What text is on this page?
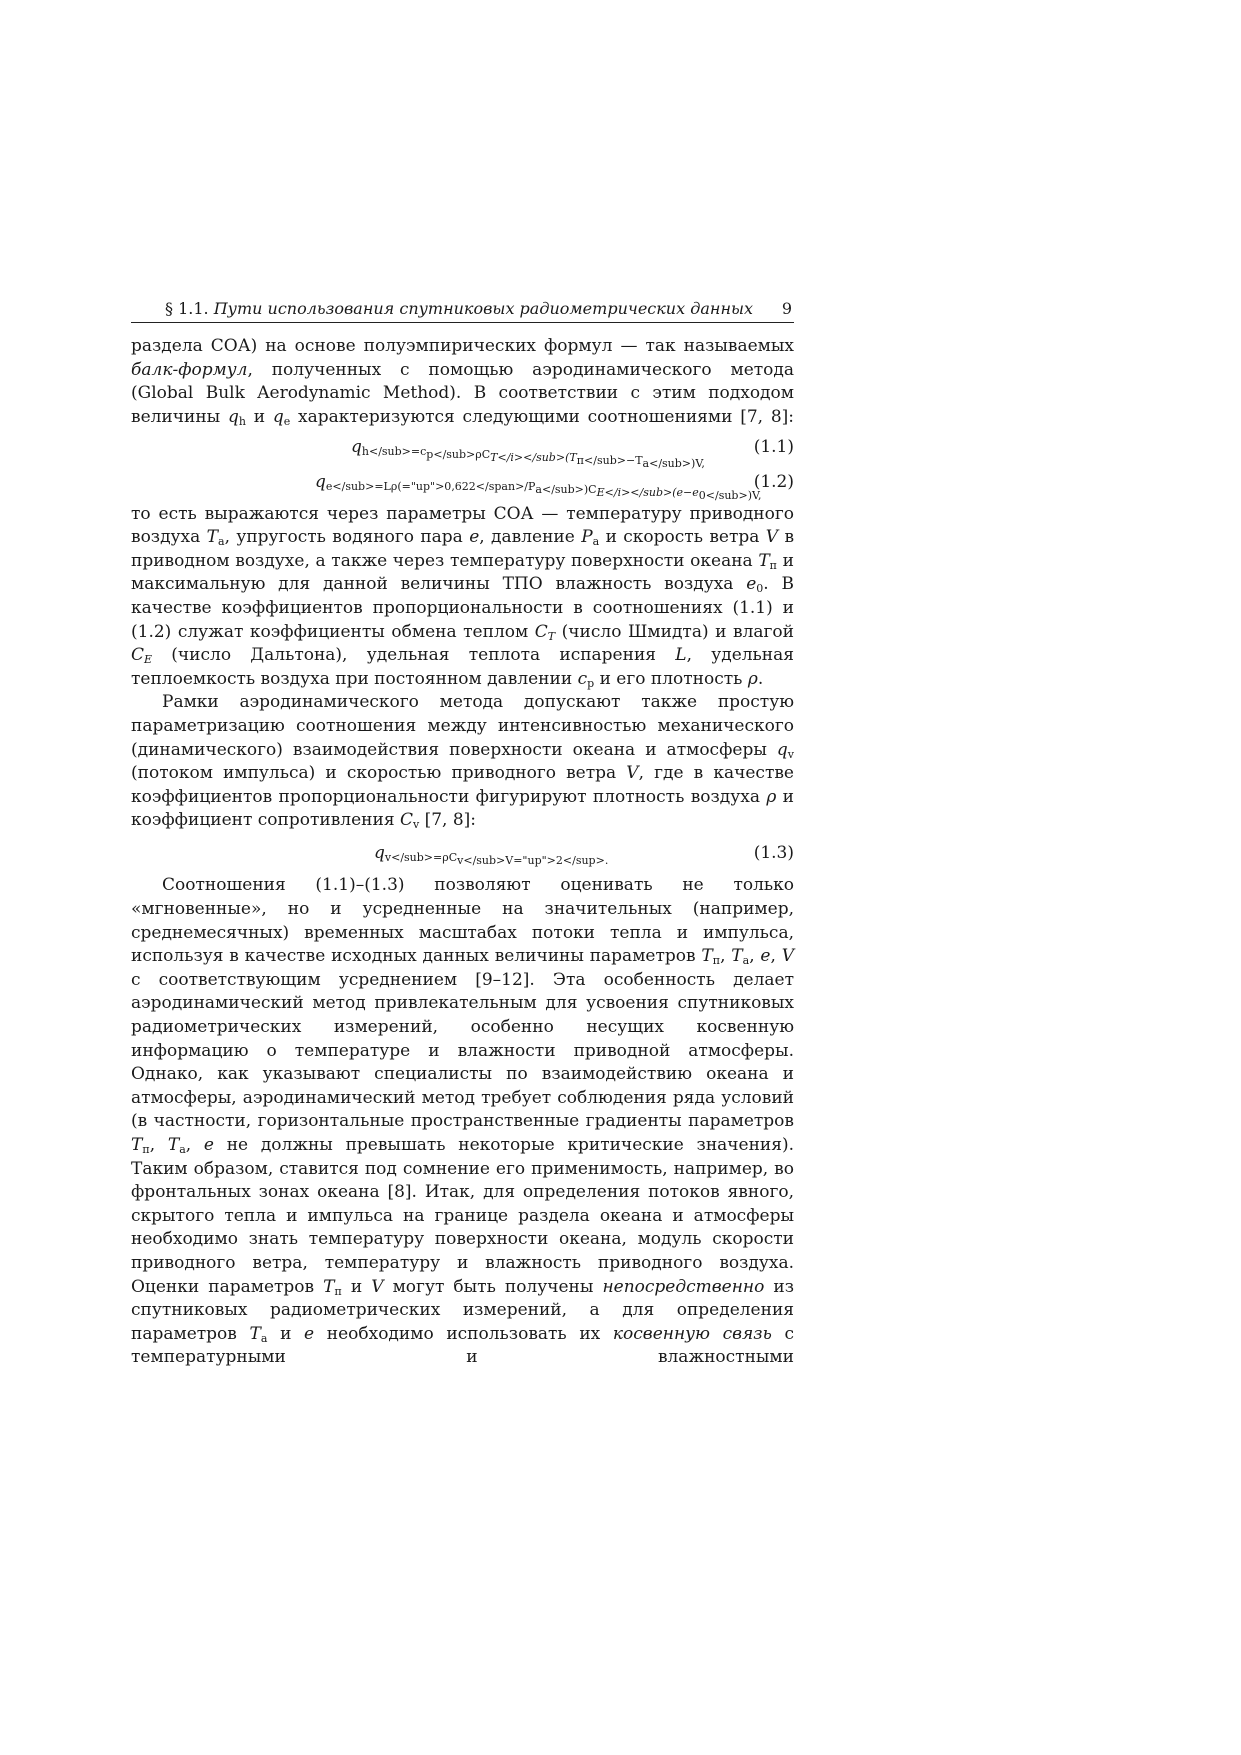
§ 1.1. Пути использования спутниковых радиометрических данных 9

раздела СОА) на основе полуэмпирических формул — так называемых балк-формул, полученных с помощью аэродинамического метода (Global Bulk Aerodynamic Method). В соответствии с этим подходом величины $q_h$ и $q_e$ характеризуются следующими соотношениями [7, 8]:

$q_{h</sub>=c_{p</sub>\rho C_{T</i></sub>(T_{п</sub>-T_{a</sub>)V,}}}}}$
(1.1)
$q_{e</sub>=L\rho(="up">0,622</span>/P_{a</sub>)C_{E</i></sub>(e-e_{0</sub>)V,}}}}$
(1.2)

то есть выражаются через параметры СОА — температуру приводного воздуха $T_a$, упругость водяного пара e, давление $P_a$ и скорость ветра V в приводном воздухе, а также через температуру поверхности океана $T_п$ и максимальную для данной величины ТПО влажность воздуха $e_0$. В качестве коэффициентов пропорциональности в соотношениях (1.1) и (1.2) служат коэффициенты обмена теплом $C_T$ (число Шмидта) и влагой $C_E$ (число Дальтона), удельная теплота испарения L, удельная теплоемкость воздуха при постоянном давлении $c_p$ и его плотность ρ.

Рамки аэродинамического метода допускают также простую параметризацию соотношения между интенсивностью механического (динамического) взаимодействия поверхности океана и атмосферы $q_v$ (потоком импульса) и скоростью приводного ветра V, где в качестве коэффициентов пропорциональности фигурируют плотность воздуха ρ и коэффициент сопротивления $C_v$ [7, 8]:

$q_{v</sub>=\rho C_{v</sub>V="up">2</sup>.}}$	(1.3)

Соотношения (1.1)–(1.3) позволяют оценивать не только «мгновенные», но и усредненные на значительных (например, среднемесячных) временных масштабах потоки тепла и импульса, используя в качестве исходных данных величины параметров $T_п$, $T_a$, e, V с соответствующим усреднением [9–12]. Эта особенность делает аэродинамический метод привлекательным для усвоения спутниковых радиометрических измерений, особенно несущих косвенную информацию о температуре и влажности приводной атмосферы. Однако, как указывают специалисты по взаимодействию океана и атмосферы, аэродинамический метод требует соблюдения ряда условий (в частности, горизонтальные пространственные градиенты параметров $T_п$, $T_a$, e не должны превышать некоторые критические значения). Таким образом, ставится под сомнение его применимость, например, во фронтальных зонах океана [8]. Итак, для определения потоков явного, скрытого тепла и импульса на границе раздела океана и атмосферы необходимо знать температуру поверхности океана, модуль скорости приводного ветра, температуру и влажность приводного воздуха. Оценки параметров $T_п$ и V могут быть получены непосредственно из спутниковых радиометрических измерений, а для определения параметров $T_a$ и e необходимо использовать их косвенную связь с температурными и влажностными
